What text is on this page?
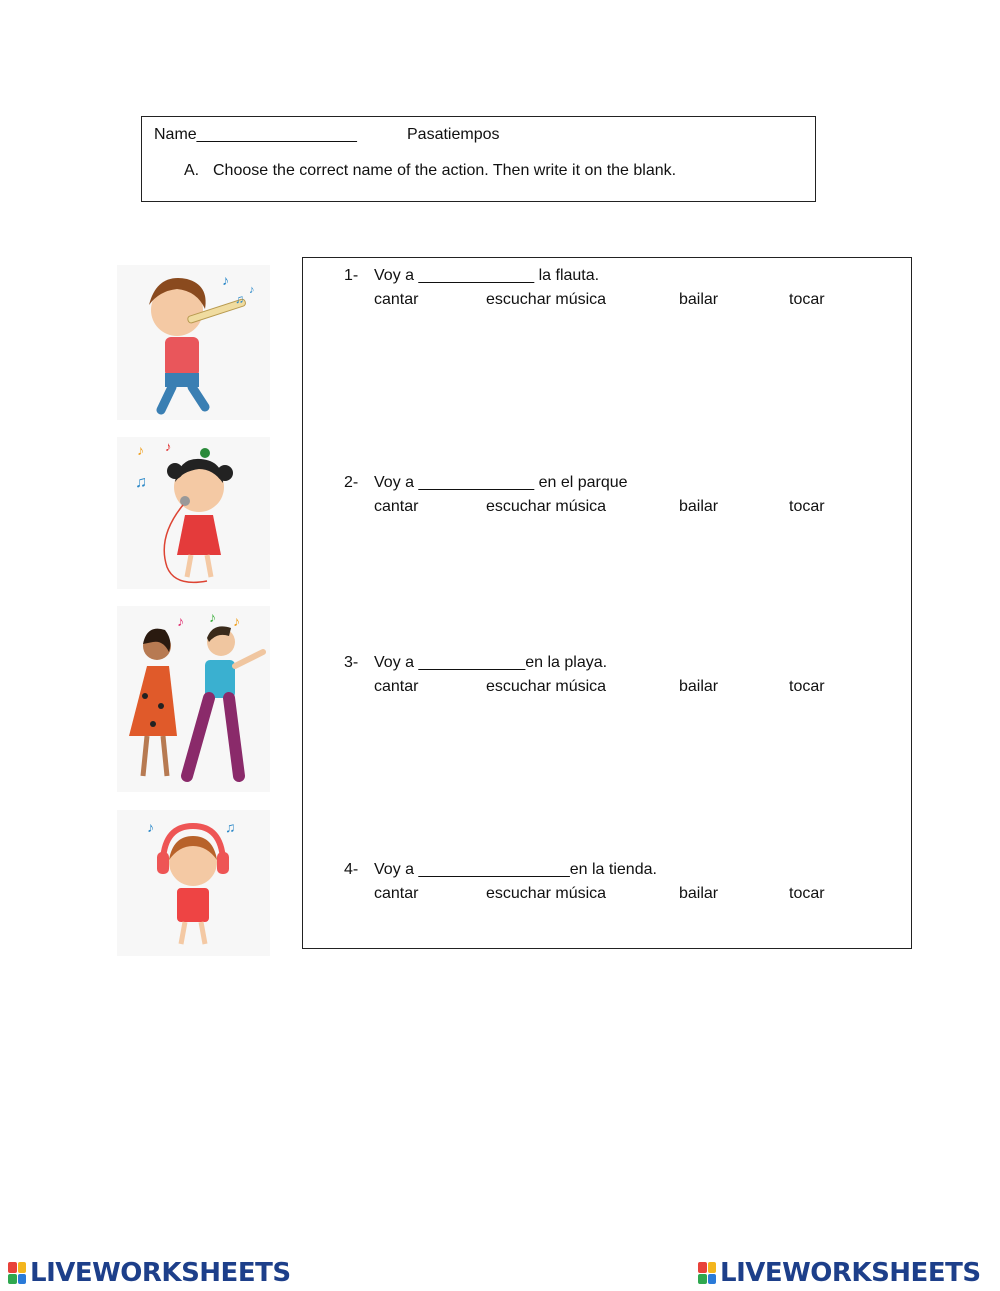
Name__________________	Pasatiempos
A. Choose the correct name of the action. Then write it on the blank.
♪
♫
♪
♪ ♪
♫
♪ ♪ ♪
♪	♫
1- Voy a _____________ la flauta.
cantar	escuchar música	bailar	tocar
2- Voy a _____________ en el parque
cantar	escuchar música	bailar	tocar
3- Voy a ____________en la playa.
cantar	escuchar música	bailar	tocar
4- Voy a _________________en la tienda.
cantar	escuchar música	bailar	tocar
LIVEWORKSHEETS	LIVEWORKSHEETS
